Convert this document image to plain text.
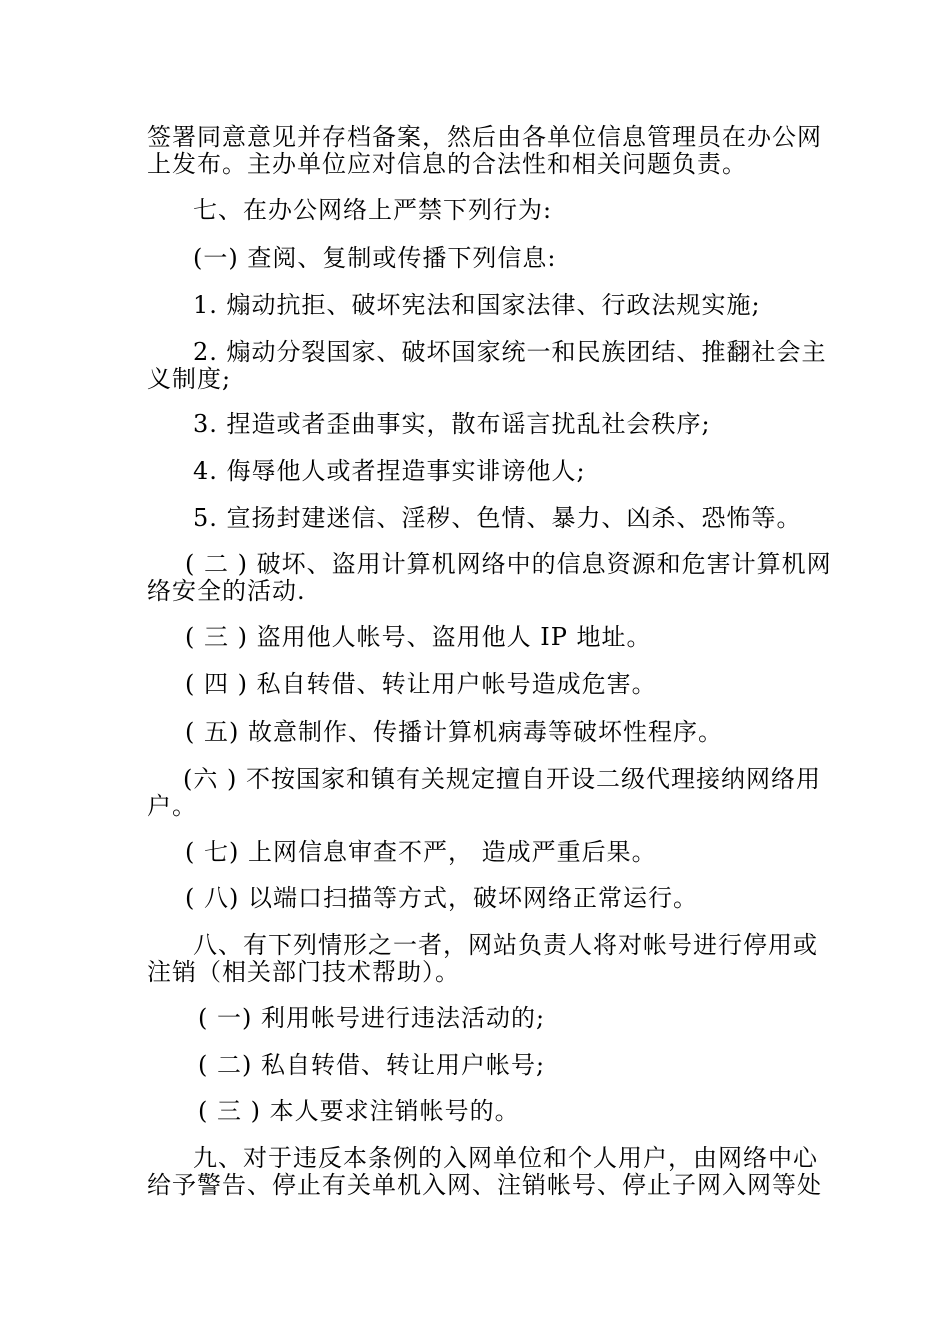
签署同意意见并存档备案，然后由各单位信息管理员在办公网
上发布。主办单位应对信息的合法性和相关问题负责。
七、在办公网络上严禁下列行为:
(一) 查阅、复制或传播下列信息:
1. 煽动抗拒、破坏宪法和国家法律、行政法规实施;
2. 煽动分裂国家、破坏国家统一和民族团结、推翻社会主
义制度;
3. 捏造或者歪曲事实，散布谣言扰乱社会秩序;
4. 侮辱他人或者捏造事实诽谤他人;
5. 宣扬封建迷信、淫秽、色情、暴力、凶杀、恐怖等。
( 二 ) 破坏、盗用计算机网络中的信息资源和危害计算机网
络安全的活动.
( 三 ) 盗用他人帐号、盗用他人 IP 地址。
( 四 ) 私自转借、转让用户帐号造成危害。
( 五) 故意制作、传播计算机病毒等破坏性程序。
(六 ) 不按国家和镇有关规定擅自开设二级代理接纳网络用
户。
( 七) 上网信息审查不严， 造成严重后果。
( 八) 以端口扫描等方式，破坏网络正常运行。
八、有下列情形之一者，网站负责人将对帐号进行停用或
注销（相关部门技术帮助）。
( 一) 利用帐号进行违法活动的;
( 二) 私自转借、转让用户帐号;
( 三 ) 本人要求注销帐号的。
九、对于违反本条例的入网单位和个人用户，由网络中心
给予警告、停止有关单机入网、注销帐号、停止子网入网等处
